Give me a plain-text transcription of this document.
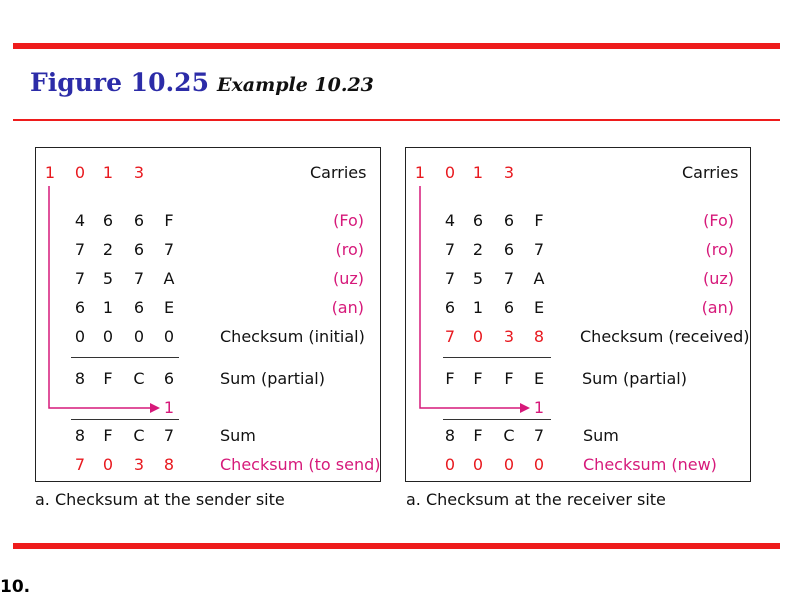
Figure 10.25 Example 10.23
1 0 1 3	Carries
4 6 6 F	(Fo)
7 2 6 7	(ro)
7 5 7 A	(uz)
6 1 6 E	(an)
0 0 0 0	Checksum (initial)
8 F C 6	Sum (partial)
1
8 F C 7	Sum
7 0 3 8	Checksum (to send)
a. Checksum at the sender site
1 0 1 3	Carries
4 6 6 F	(Fo)
7 2 6 7	(ro)
7 5 7 A	(uz)
6 1 6 E	(an)
7 0 3 8 Checksum (received)
F F F E Sum (partial)
1
8 F C 7 Sum
0 0 0 0 Checksum (new)
a. Checksum at the receiver site
10.
